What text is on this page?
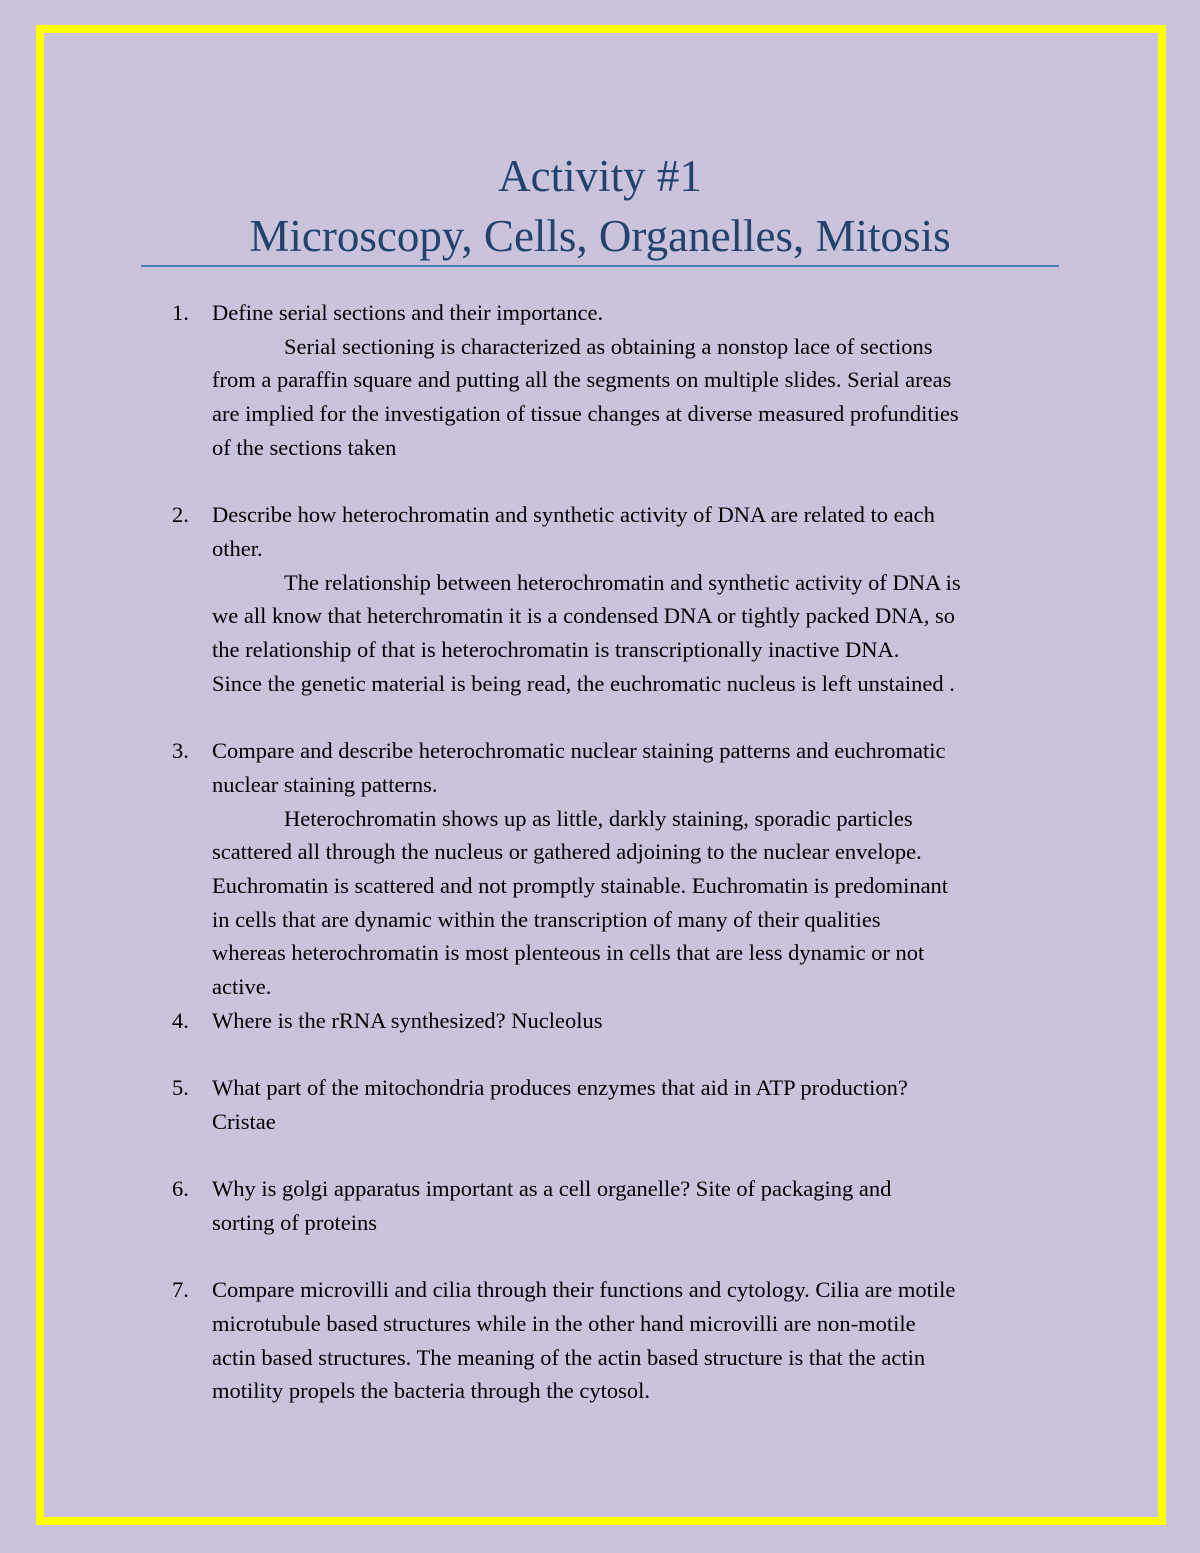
Activity #1
Microscopy, Cells, Organelles, Mitosis
1.	Define serial sections and their importance.
Serial sectioning is characterized as obtaining a nonstop lace of sections
from a paraffin square and putting all the segments on multiple slides. Serial areas
are implied for the investigation of tissue changes at diverse measured profundities
of the sections taken
2.	Describe how heterochromatin and synthetic activity of DNA are related to each
other.
The relationship between heterochromatin and synthetic activity of DNA is
we all know that heterchromatin it is a condensed DNA or tightly packed DNA, so
the relationship of that is heterochromatin is transcriptionally inactive DNA.
Since the genetic material is being read, the euchromatic nucleus is left unstained .
3.	Compare and describe heterochromatic nuclear staining patterns and euchromatic
nuclear staining patterns.
Heterochromatin shows up as little, darkly staining, sporadic particles
scattered all through the nucleus or gathered adjoining to the nuclear envelope.
Euchromatin is scattered and not promptly stainable. Euchromatin is predominant
in cells that are dynamic within the transcription of many of their qualities
whereas heterochromatin is most plenteous in cells that are less dynamic or not
active.
4.	Where is the rRNA synthesized? Nucleolus
5.	What part of the mitochondria produces enzymes that aid in ATP production?
Cristae
6.	Why is golgi apparatus important as a cell organelle? Site of packaging and
sorting of proteins
7.	Compare microvilli and cilia through their functions and cytology. Cilia are motile
microtubule based structures while in the other hand microvilli are non-motile
actin based structures. The meaning of the actin based structure is that the actin
motility propels the bacteria through the cytosol.
